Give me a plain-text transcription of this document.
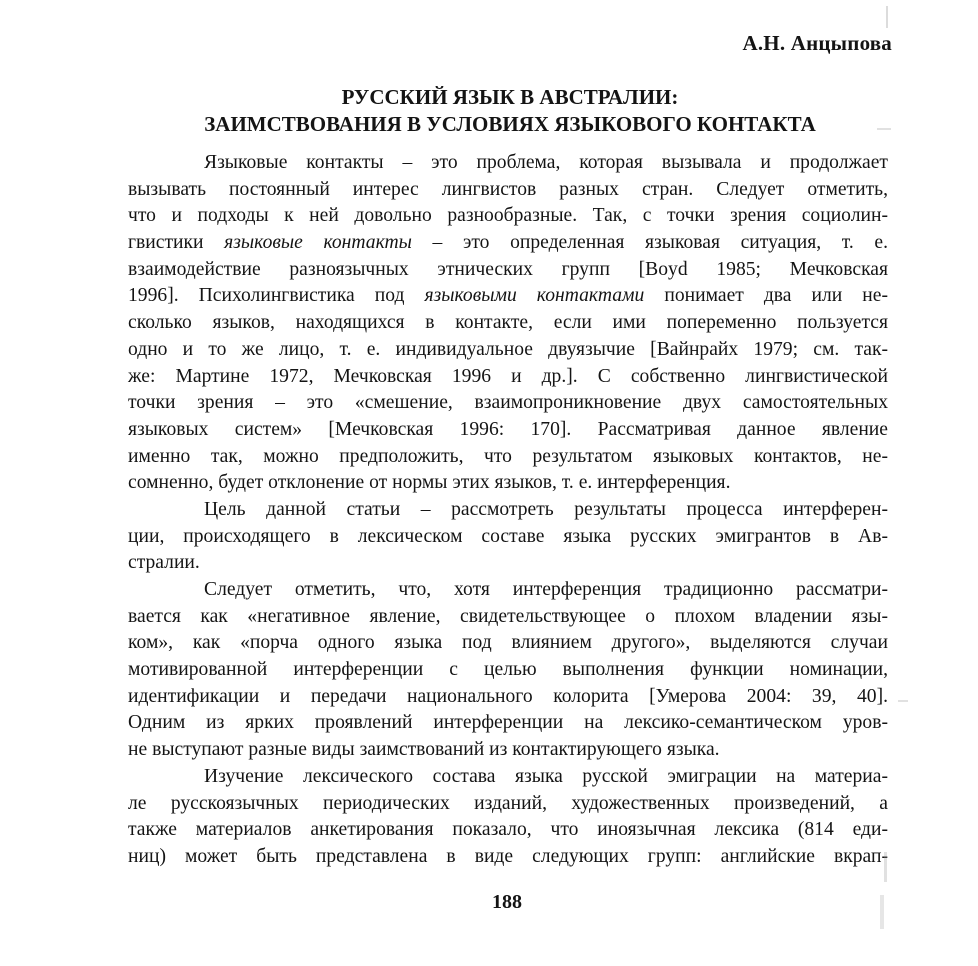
А.Н. Анцыпова
РУССКИЙ ЯЗЫК В АВСТРАЛИИ:
ЗАИМСТВОВАНИЯ В УСЛОВИЯХ ЯЗЫКОВОГО КОНТАКТА
Языковые контакты – это проблема, которая вызывала и продолжает
вызывать постоянный интерес лингвистов разных стран. Следует отметить,
что и подходы к ней довольно разнообразные. Так, с точки зрения социолин-
гвистики языковые контакты – это определенная языковая ситуация, т. е.
взаимодействие разноязычных этнических групп [Boyd 1985; Мечковская
1996]. Психолингвистика под языковыми контактами понимает два или не-
сколько языков, находящихся в контакте, если ими попеременно пользуется
одно и то же лицо, т. е. индивидуальное двуязычие [Вайнрайх 1979; см. так-
же: Мартине 1972, Мечковская 1996 и др.]. С собственно лингвистической
точки зрения – это «смешение, взаимопроникновение двух самостоятельных
языковых систем» [Мечковская 1996: 170]. Рассматривая данное явление
именно так, можно предположить, что результатом языковых контактов, не-
сомненно, будет отклонение от нормы этих языков, т. е. интерференция.
Цель данной статьи – рассмотреть результаты процесса интерферен-
ции, происходящего в лексическом составе языка русских эмигрантов в Ав-
стралии.
Следует отметить, что, хотя интерференция традиционно рассматри-
вается как «негативное явление, свидетельствующее о плохом владении язы-
ком», как «порча одного языка под влиянием другого», выделяются случаи
мотивированной интерференции с целью выполнения функции номинации,
идентификации и передачи национального колорита [Умерова 2004: 39, 40].
Одним из ярких проявлений интерференции на лексико-семантическом уров-
не выступают разные виды заимствований из контактирующего языка.
Изучение лексического состава языка русской эмиграции на материа-
ле русскоязычных периодических изданий, художественных произведений, а
также материалов анкетирования показало, что иноязычная лексика (814 еди-
ниц) может быть представлена в виде следующих групп: английские вкрап-
188
